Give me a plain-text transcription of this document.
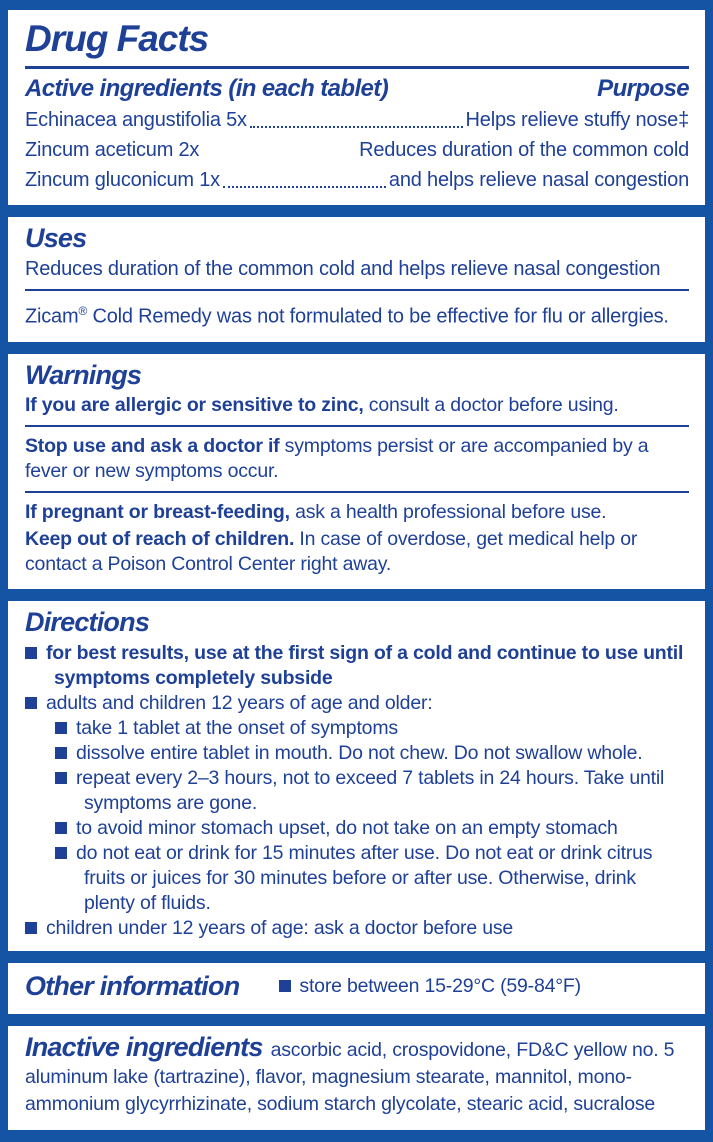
Drug Facts
Active ingredients (in each tablet)	Purpose
Echinacea angustifolia 5x	Helps relieve stuffy nose‡
Zincum aceticum 2x	Reduces duration of the common cold
Zincum gluconicum 1x	and helps relieve nasal congestion
Uses
Reduces duration of the common cold and helps relieve nasal congestion
Zicam® Cold Remedy was not formulated to be effective for flu or allergies.
Warnings
If you are allergic or sensitive to zinc, consult a doctor before using.
Stop use and ask a doctor if symptoms persist or are accompanied by a fever or new symptoms occur.
If pregnant or breast-feeding, ask a health professional before use.
Keep out of reach of children. In case of overdose, get medical help or contact a Poison Control Center right away.
Directions
for best results, use at the first sign of a cold and continue to use until symptoms completely subside
adults and children 12 years of age and older:
take 1 tablet at the onset of symptoms
dissolve entire tablet in mouth. Do not chew. Do not swallow whole.
repeat every 2–3 hours, not to exceed 7 tablets in 24 hours. Take until symptoms are gone.
to avoid minor stomach upset, do not take on an empty stomach
do not eat or drink for 15 minutes after use. Do not eat or drink citrus fruits or juices for 30 minutes before or after use. Otherwise, drink plenty of fluids.
children under 12 years of age: ask a doctor before use
Other information	store between 15-29°C (59-84°F)

Inactive ingredients ascorbic acid, crospovidone, FD&C yellow no. 5 aluminum lake (tartrazine), flavor, magnesium stearate, mannitol, mono-ammonium glycyrrhizinate, sodium starch glycolate, stearic acid, sucralose
